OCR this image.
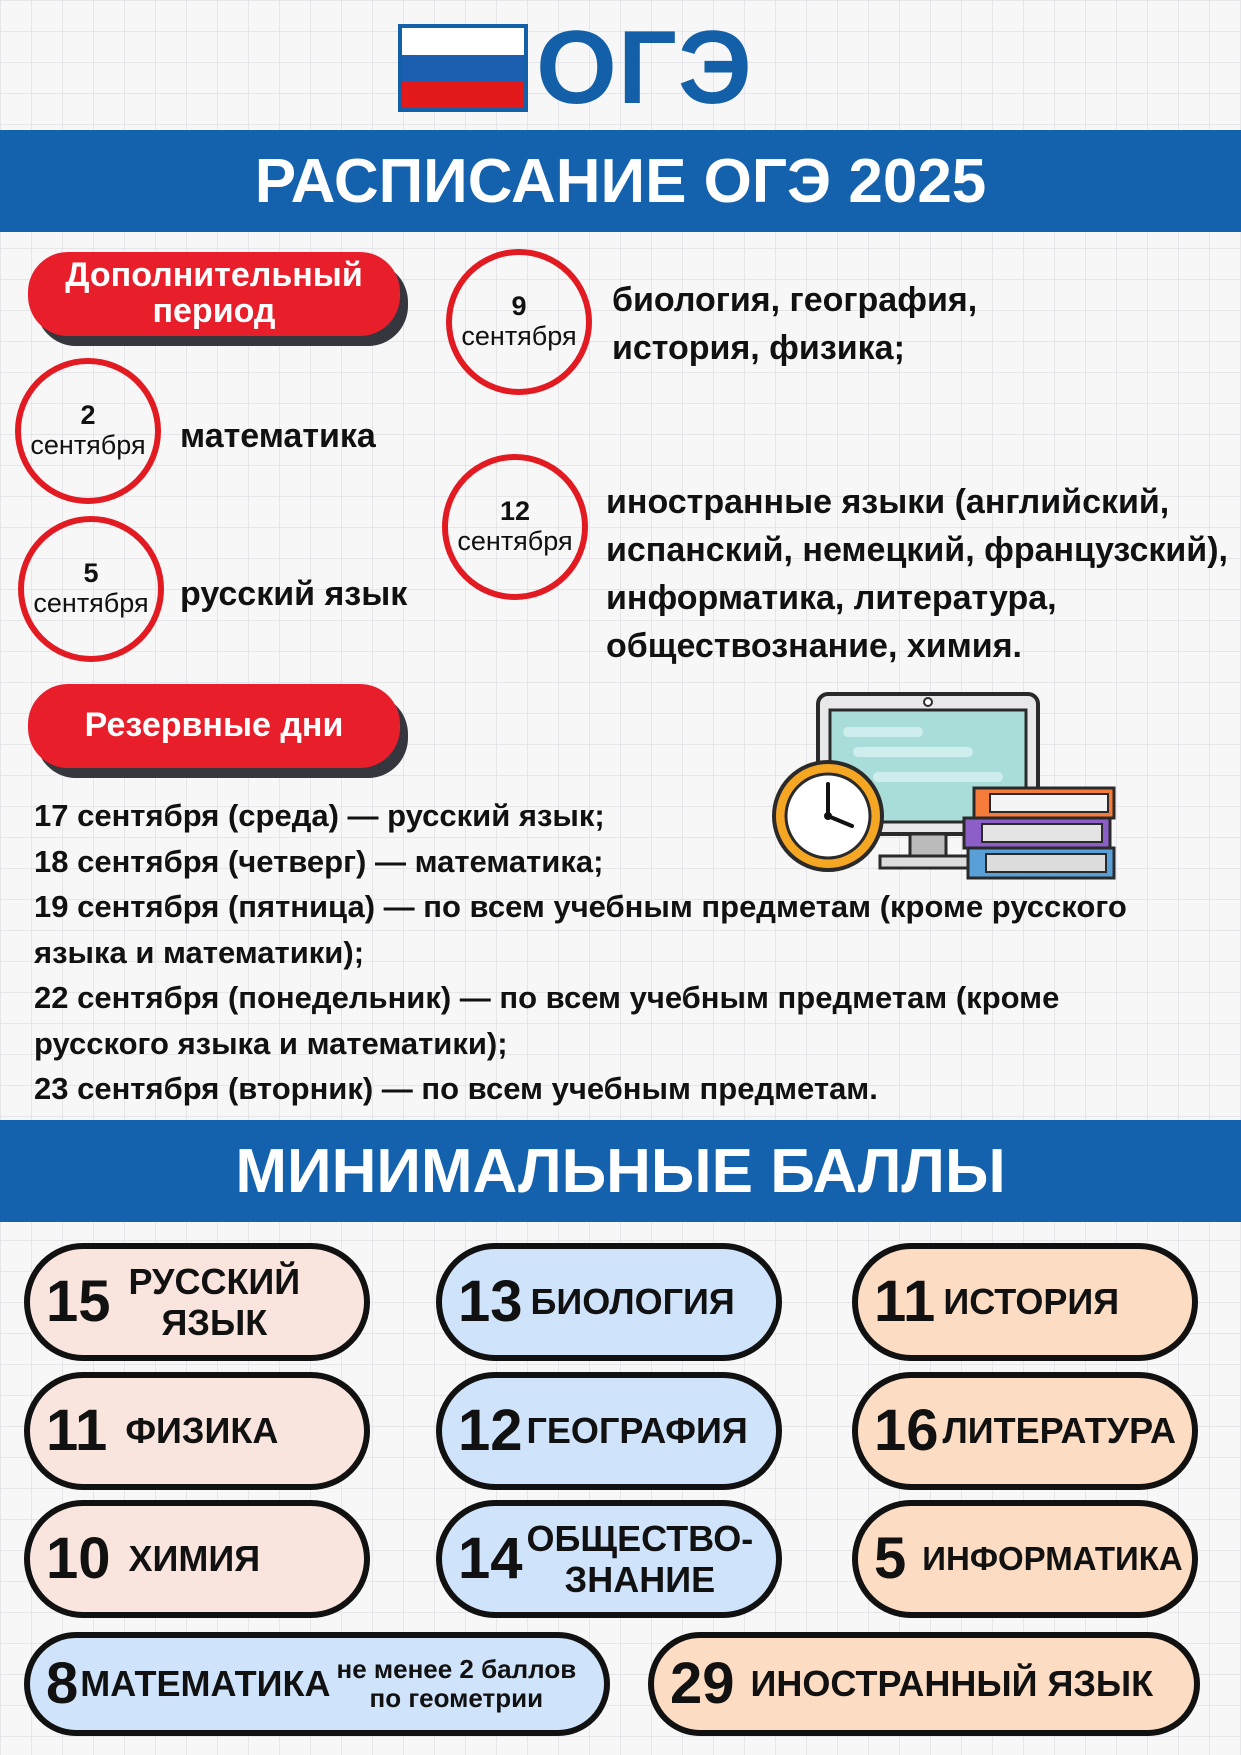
ОГЭ
РАСПИСАНИЕ ОГЭ 2025
Дополнительный
период
2
сентября математика
5
сентября русский язык
9
сентября
биология, география,
история, физика;
12
сентября
иностранные языки (английский,
испанский, немецкий, французский),
информатика, литература,
обществознание, химия.
Резервные дни
17 сентября (среда) — русский язык;
18 сентября (четверг) — математика;
19 сентября (пятница) — по всем учебным предметам (кроме русского
языка и математики);
22 сентября (понедельник) — по всем учебным предметам (кроме
русского языка и математики);
23 сентября (вторник) — по всем учебным предметам.
МИНИМАЛЬНЫЕ БАЛЛЫ
15 РУССКИЙ
ЯЗЫК	13 БИОЛОГИЯ 11 ИСТОРИЯ
11 ФИЗИКА	12 ГЕОГРАФИЯ 16 ЛИТЕРАТУРА
10 ХИМИЯ	14 ОБЩЕСТВО-
ЗНАНИЕ	5 ИНФОРМАТИКА
8 МАТЕМАТИКА не менее 2 баллов
по геометрии	29 ИНОСТРАННЫЙ ЯЗЫК
